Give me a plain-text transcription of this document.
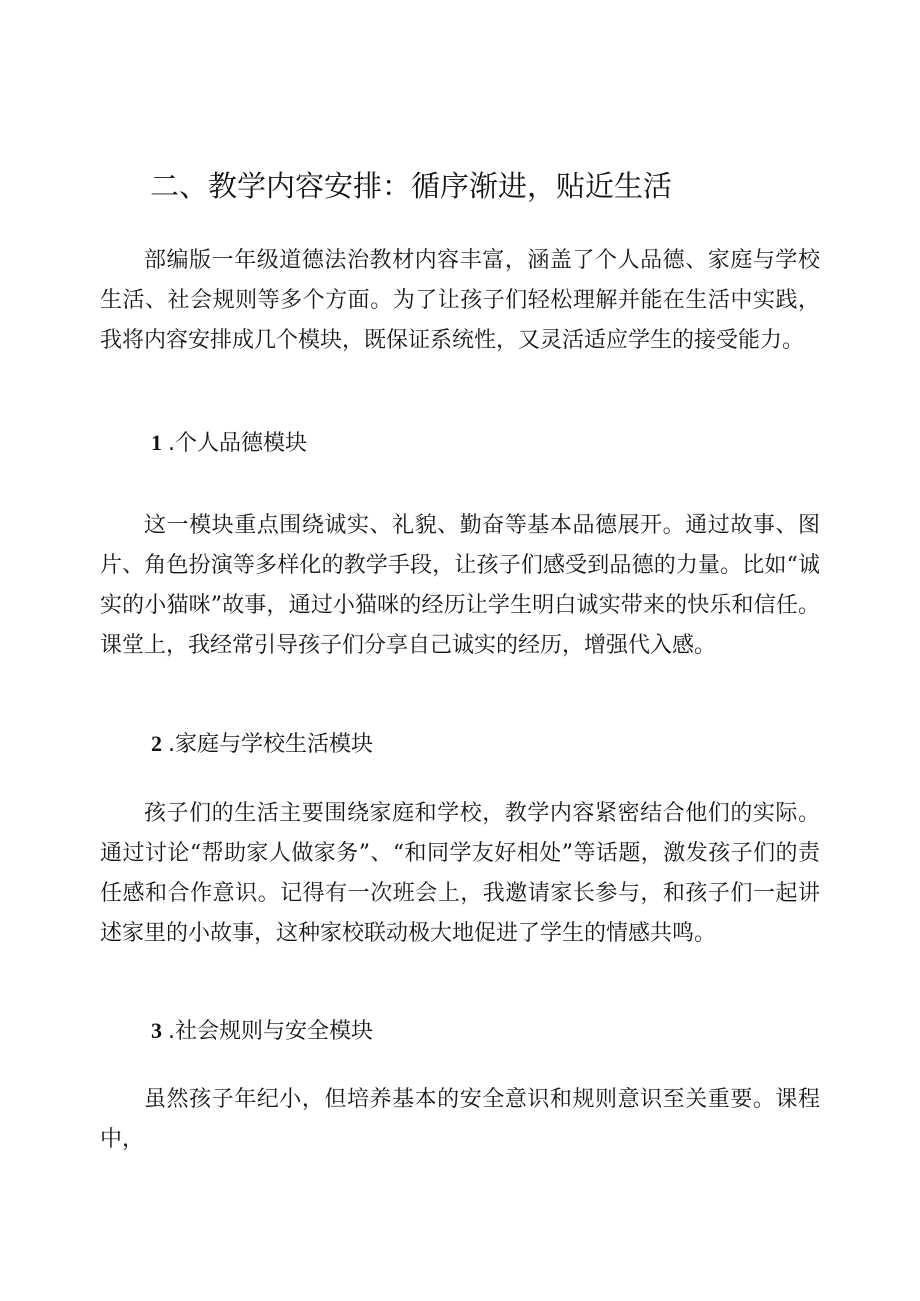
二、教学内容安排：循序渐进，贴近生活

部编版一年级道德法治教材内容丰富，涵盖了个人品德、家庭与学校生活、社会规则等多个方面。为了让孩子们轻松理解并能在生活中实践，我将内容安排成几个模块，既保证系统性，又灵活适应学生的接受能力。

1 .个人品德模块

这一模块重点围绕诚实、礼貌、勤奋等基本品德展开。通过故事、图片、角色扮演等多样化的教学手段，让孩子们感受到品德的力量。比如“诚实的小猫咪”故事，通过小猫咪的经历让学生明白诚实带来的快乐和信任。课堂上，我经常引导孩子们分享自己诚实的经历，增强代入感。

2 .家庭与学校生活模块

孩子们的生活主要围绕家庭和学校，教学内容紧密结合他们的实际。通过讨论“帮助家人做家务”、“和同学友好相处”等话题，激发孩子们的责任感和合作意识。记得有一次班会上，我邀请家长参与，和孩子们一起讲述家里的小故事，这种家校联动极大地促进了学生的情感共鸣。

3 .社会规则与安全模块

虽然孩子年纪小，但培养基本的安全意识和规则意识至关重要。课程中，
